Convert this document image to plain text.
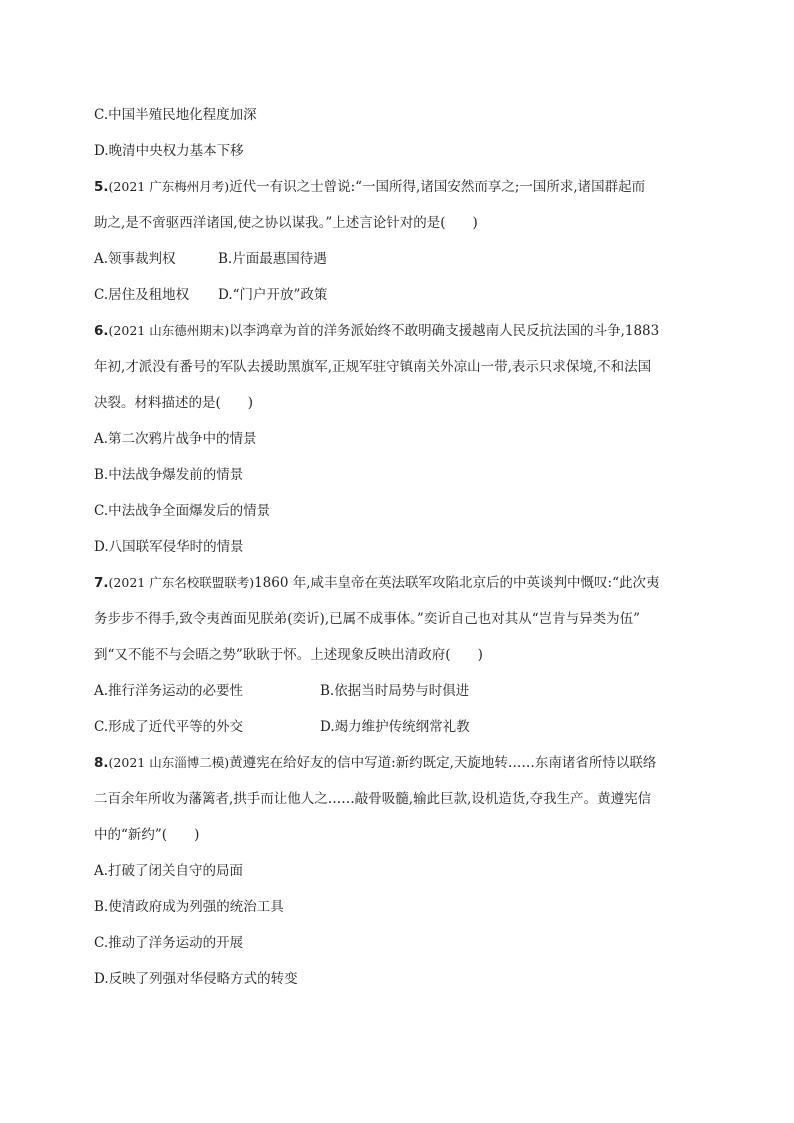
C.中国半殖民地化程度加深
D.晚清中央权力基本下移
5.(2021 广东梅州月考)近代一有识之士曾说:“一国所得,诸国安然而享之;一国所求,诸国群起而
助之,是不啻驱西洋诸国,使之协以谋我。”上述言论针对的是(　　)
A.领事裁判权	B.片面最惠国待遇
C.居住及租地权 D.“门户开放”政策
6.(2021 山东德州期末)以李鸿章为首的洋务派始终不敢明确支援越南人民反抗法国的斗争,1883
年初,才派没有番号的军队去援助黑旗军,正规军驻守镇南关外凉山一带,表示只求保境,不和法国
决裂。材料描述的是(　　)
A.第二次鸦片战争中的情景
B.中法战争爆发前的情景
C.中法战争全面爆发后的情景
D.八国联军侵华时的情景
7.(2021 广东名校联盟联考)1860 年,咸丰皇帝在英法联军攻陷北京后的中英谈判中慨叹:“此次夷
务步步不得手,致令夷酋面见朕弟(奕䜣),已属不成事体。”奕䜣自己也对其从“岂肯与异类为伍”
到“又不能不与会晤之势”耿耿于怀。上述现象反映出清政府(　　)
A.推行洋务运动的必要性	B.依据当时局势与时俱进
C.形成了近代平等的外交	D.竭力维护传统纲常礼教
8.(2021 山东淄博二模)黄遵宪在给好友的信中写道:新约既定,天旋地转……东南诸省所恃以联络
二百余年所收为藩篱者,拱手而让他人之……敲骨吸髓,输此巨款,设机造货,夺我生产。黄遵宪信
中的“新约”(　　)
A.打破了闭关自守的局面
B.使清政府成为列强的统治工具
C.推动了洋务运动的开展
D.反映了列强对华侵略方式的转变
